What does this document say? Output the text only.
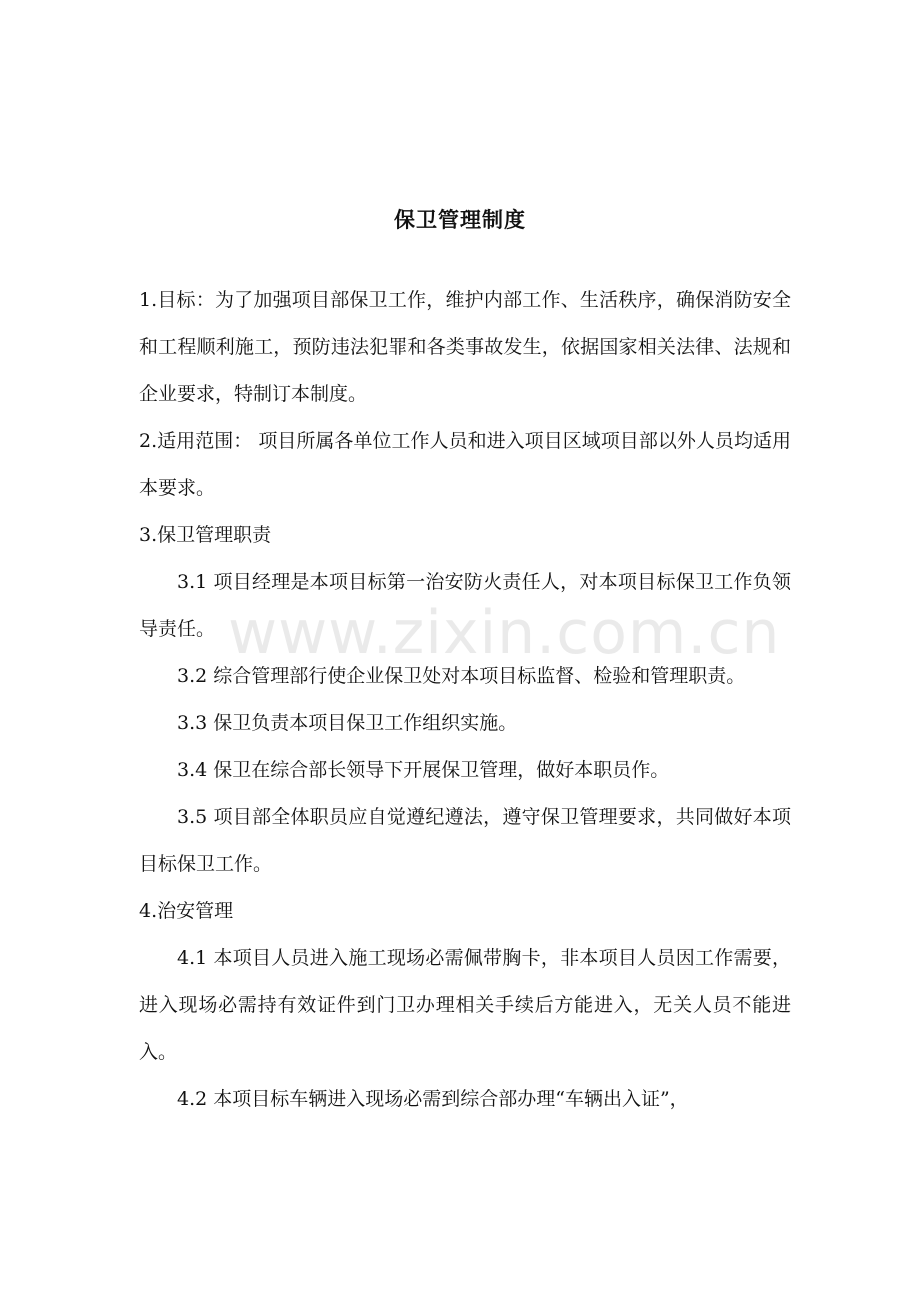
保卫管理制度

1.目标：为了加强项目部保卫工作，维护内部工作、生活秩序，确保消防安全和工程顺利施工，预防违法犯罪和各类事故发生，依据国家相关法律、法规和企业要求，特制订本制度。

2.适用范围： 项目所属各单位工作人员和进入项目区域项目部以外人员均适用本要求。

3.保卫管理职责

3.1 项目经理是本项目标第一治安防火责任人，对本项目标保卫工作负领导责任。

3.2 综合管理部行使企业保卫处对本项目标监督、检验和管理职责。

3.3 保卫负责本项目保卫工作组织实施。

3.4 保卫在综合部长领导下开展保卫管理，做好本职员作。

3.5 项目部全体职员应自觉遵纪遵法，遵守保卫管理要求，共同做好本项目标保卫工作。

4.治安管理

4.1 本项目人员进入施工现场必需佩带胸卡，非本项目人员因工作需要，进入现场必需持有效证件到门卫办理相关手续后方能进入，无关人员不能进入。

4.2 本项目标车辆进入现场必需到综合部办理“车辆出入证”，

www.zixin.com.cn
